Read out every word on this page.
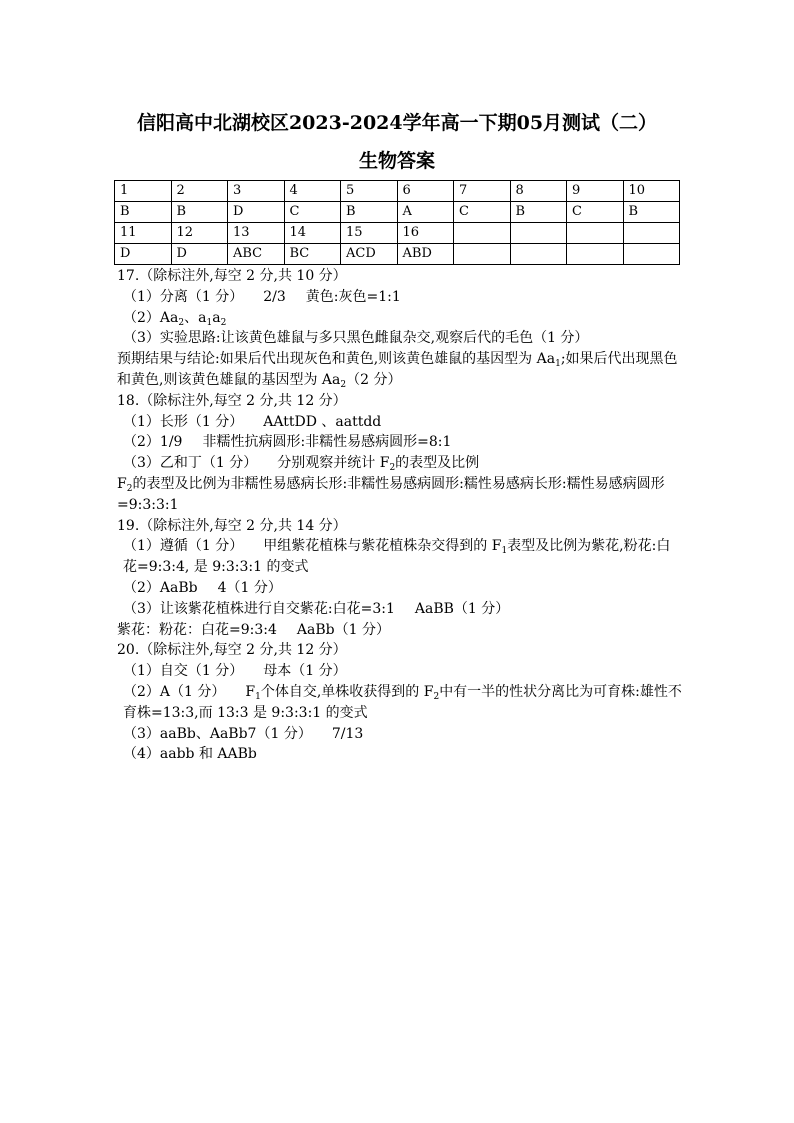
信阳高中北湖校区2023-2024学年高一下期05月测试（二）
生物答案
1	2	3	4	5	6	7	8	9	10
B	B	D	C	B	A	C	B	C	B
11	12	13	14	15	16				
D	D	ABC	BC	ACD	ABD				
17.（除标注外,每空 2 分,共 10 分）
（1）分离（1 分） 2/3 黄色:灰色=1:1
$(2)Aa_2$、$a_1a_2$
（3）实验思路:让该黄色雄鼠与多只黑色雌鼠杂交,观察后代的毛色（1 分）
预期结果与结论:如果后代出现灰色和黄色,则该黄色雄鼠的基因型为 $Aa_1$;如果后代出现黑色和黄色,则该黄色雄鼠的基因型为 $Aa_2(2$ 分）
18.（除标注外,每空 2 分,共 12 分）
（1）长形（1 分） AAttDD 、aattdd
（2）1/9 非糯性抗病圆形:非糯性易感病圆形=8:1
（3）乙和丁（1 分） 分别观察并统计 $F_2$的表型及比例
$F_2$的表型及比例为非糯性易感病长形:非糯性易感病圆形:糯性易感病长形:糯性易感病圆形=9:3:3:1
19.（除标注外,每空 2 分,共 14 分）
（1）遵循（1 分） 甲组紫花植株与紫花植株杂交得到的 $F_1$表型及比例为紫花,粉花:白花=9:3:4, 是 9:3:3:1 的变式
（2）AaBb 4（1 分）
（3）让该紫花植株进行自交紫花:白花=3:1 AaBB（1 分）
紫花：粉花：白花=9:3:4 AaBb（1 分）
20.（除标注外,每空 2 分,共 12 分）
（1）自交（1 分） 母本（1 分）
（2）A（1 分） $F_1$个体自交,单株收获得到的 $F_2$中有一半的性状分离比为可育株:雄性不育株=13:3,而 13:3 是 9:3:3:1 的变式
（3）aaBb、AaBb7（1 分） 7/13
（4）aabb 和 AABb
